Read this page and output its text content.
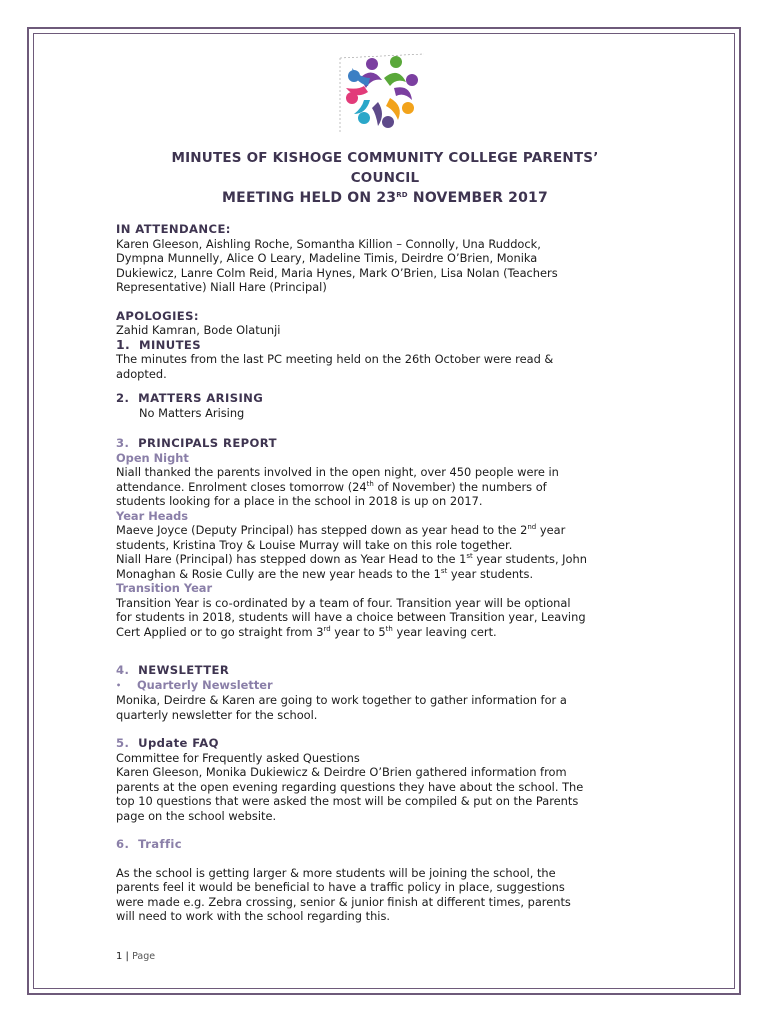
MINUTES OF KISHOGE COMMUNITY COLLEGE PARENTS’
COUNCIL
MEETING HELD ON 23RD NOVEMBER 2017
IN ATTENDANCE:

Karen Gleeson, Aishling Roche, Somantha Killion – Connolly, Una Ruddock,

Dympna Munnelly, Alice O Leary, Madeline Timis, Deirdre O’Brien, Monika

Dukiewicz, Lanre Colm Reid, Maria Hynes, Mark O’Brien, Lisa Nolan (Teachers

Representative) Niall Hare (Principal)

APOLOGIES:

Zahid Kamran, Bode Olatunji

1. MINUTES

The minutes from the last PC meeting held on the 26th October were read &

adopted.

2. MATTERS ARISING

No Matters Arising

3. PRINCIPALS REPORT
Open Night

Niall thanked the parents involved in the open night, over 450 people were in

attendance. Enrolment closes tomorrow (24th of November) the numbers of

students looking for a place in the school in 2018 is up on 2017.

Year Heads

Maeve Joyce (Deputy Principal) has stepped down as year head to the 2nd year

students, Kristina Troy & Louise Murray will take on this role together.

Niall Hare (Principal) has stepped down as Year Head to the 1st year students, John

Monaghan & Rosie Cully are the new year heads to the 1st year students.

Transition Year

Transition Year is co-ordinated by a team of four. Transition year will be optional

for students in 2018, students will have a choice between Transition year, Leaving

Cert Applied or to go straight from 3rd year to 5th year leaving cert.

4. NEWSLETTER
• Quarterly Newsletter

Monika, Deirdre & Karen are going to work together to gather information for a

quarterly newsletter for the school.

5. Update FAQ

Committee for Frequently asked Questions

Karen Gleeson, Monika Dukiewicz & Deirdre O’Brien gathered information from

parents at the open evening regarding questions they have about the school. The

top 10 questions that were asked the most will be compiled & put on the Parents

page on the school website.

6. Traffic

As the school is getting larger & more students will be joining the school, the

parents feel it would be beneficial to have a traffic policy in place, suggestions

were made e.g. Zebra crossing, senior & junior finish at different times, parents

will need to work with the school regarding this.

1 | Page
